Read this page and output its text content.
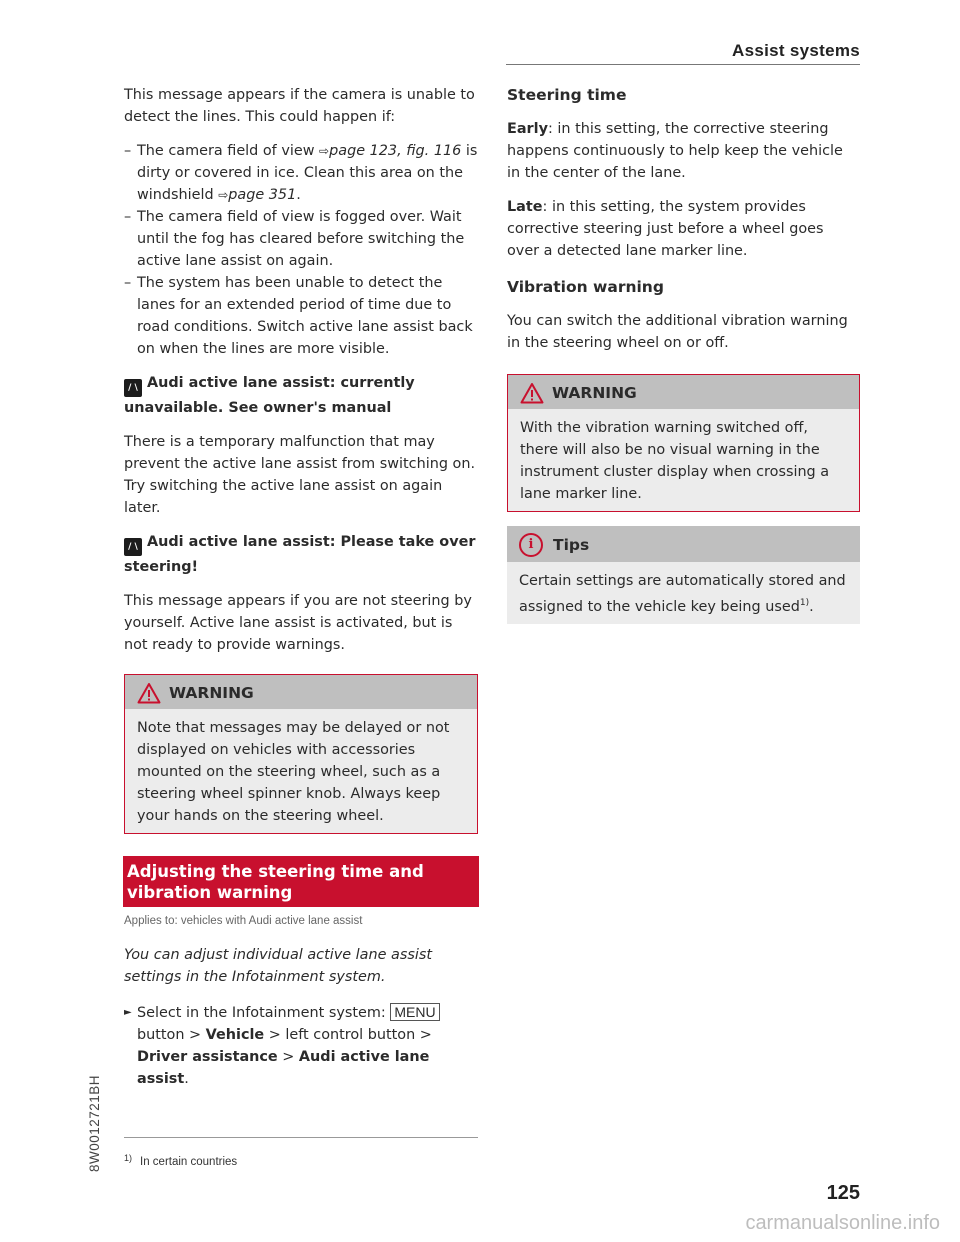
Assist systems

This message appears if the camera is unable to detect the lines. This could happen if:

– The camera field of view ⇨page 123, fig. 116 is dirty or covered in ice. Clean this area on the windshield ⇨page 351.
– The camera field of view is fogged over. Wait until the fog has cleared before switching the active lane assist on again.
– The system has been unable to detect the lanes for an extended period of time due to road conditions. Switch active lane assist back on when the lines are more visible.
/ \ Audi active lane assist: currently unavailable. See owner's manual

There is a temporary malfunction that may prevent the active lane assist from switching on. Try switching the active lane assist on again later.

/ \ Audi active lane assist: Please take over steering!

This message appears if you are not steering by yourself. Active lane assist is activated, but is not ready to provide warnings.

WARNING
Note that messages may be delayed or not displayed on vehicles with accessories mounted on the steering wheel, such as a steering wheel spinner knob. Always keep your hands on the steering wheel.
Adjusting the steering time and vibration warning
Applies to: vehicles with Audi active lane assist

You can adjust individual active lane assist settings in the Infotainment system.

► Select in the Infotainment system: MENU button > Vehicle > left control button > Driver assistance > Audi active lane assist.
Steering time

Early: in this setting, the corrective steering happens continuously to help keep the vehicle in the center of the lane.

Late: in this setting, the system provides corrective steering just before a wheel goes over a detected lane marker line.

Vibration warning

You can switch the additional vibration warning in the steering wheel on or off.

WARNING
With the vibration warning switched off, there will also be no visual warning in the instrument cluster display when crossing a lane marker line.
i	Tips
Certain settings are automatically stored and assigned to the vehicle key being used$^{1)}$.
$^{1)}$ In certain countries
8W0012721BH
125
carmanualsonline.info
